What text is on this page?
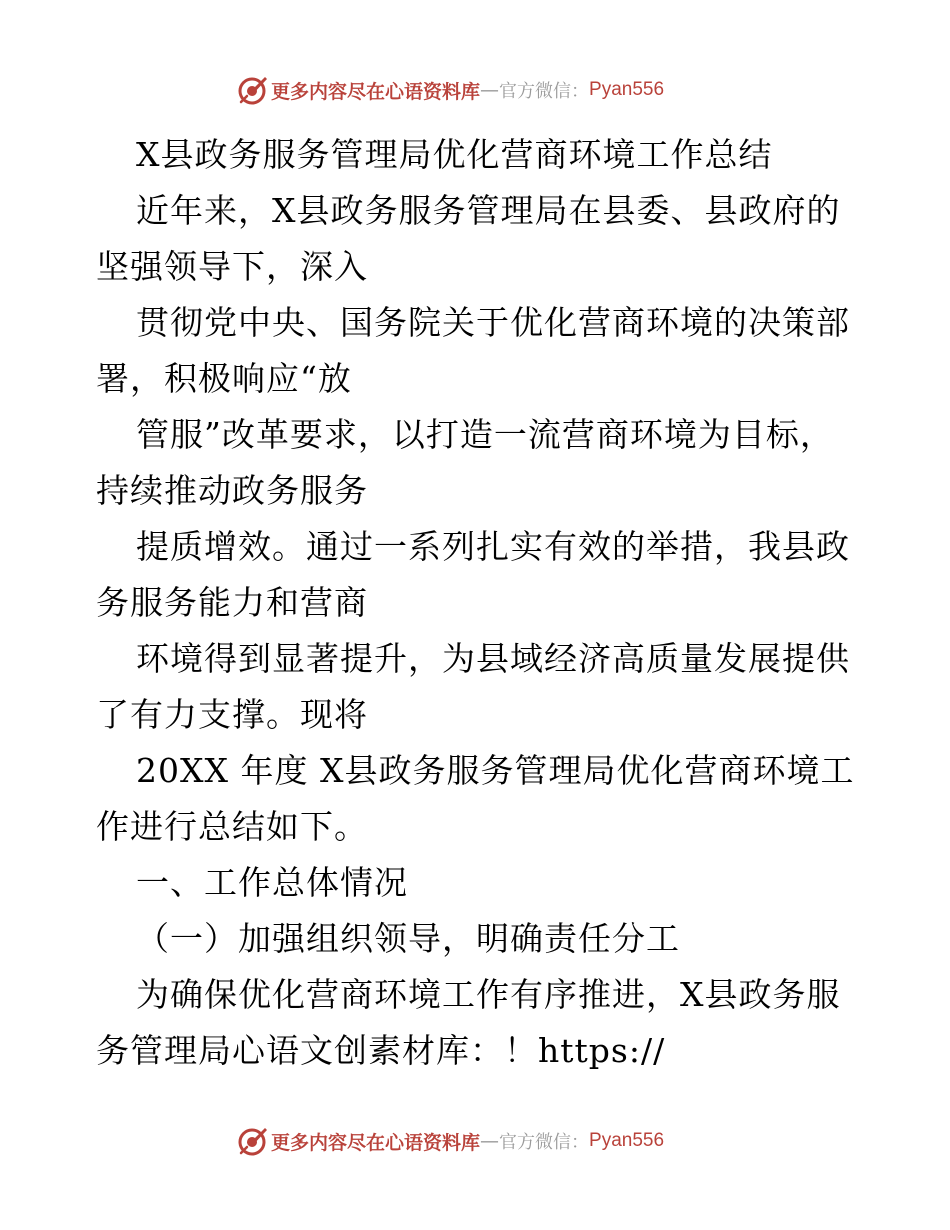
更多内容尽在心语资料库 — 官方微信： Pyan556
X县政务服务管理局优化营商环境工作总结
近年来，X县政务服务管理局在县委、县政府的
坚强领导下，深入
贯彻党中央、国务院关于优化营商环境的决策部
署，积极响应“放
管服”改革要求，以打造一流营商环境为目标，
持续推动政务服务
提质增效。通过一系列扎实有效的举措，我县政
务服务能力和营商
环境得到显著提升，为县域经济高质量发展提供
了有力支撑。现将
20XX 年度 X县政务服务管理局优化营商环境工
作进行总结如下。
一、工作总体情况
（一）加强组织领导，明确责任分工
为确保优化营商环境工作有序推进，X县政务服
务管理局心语文创素材库：！https://
更多内容尽在心语资料库 — 官方微信： Pyan556
